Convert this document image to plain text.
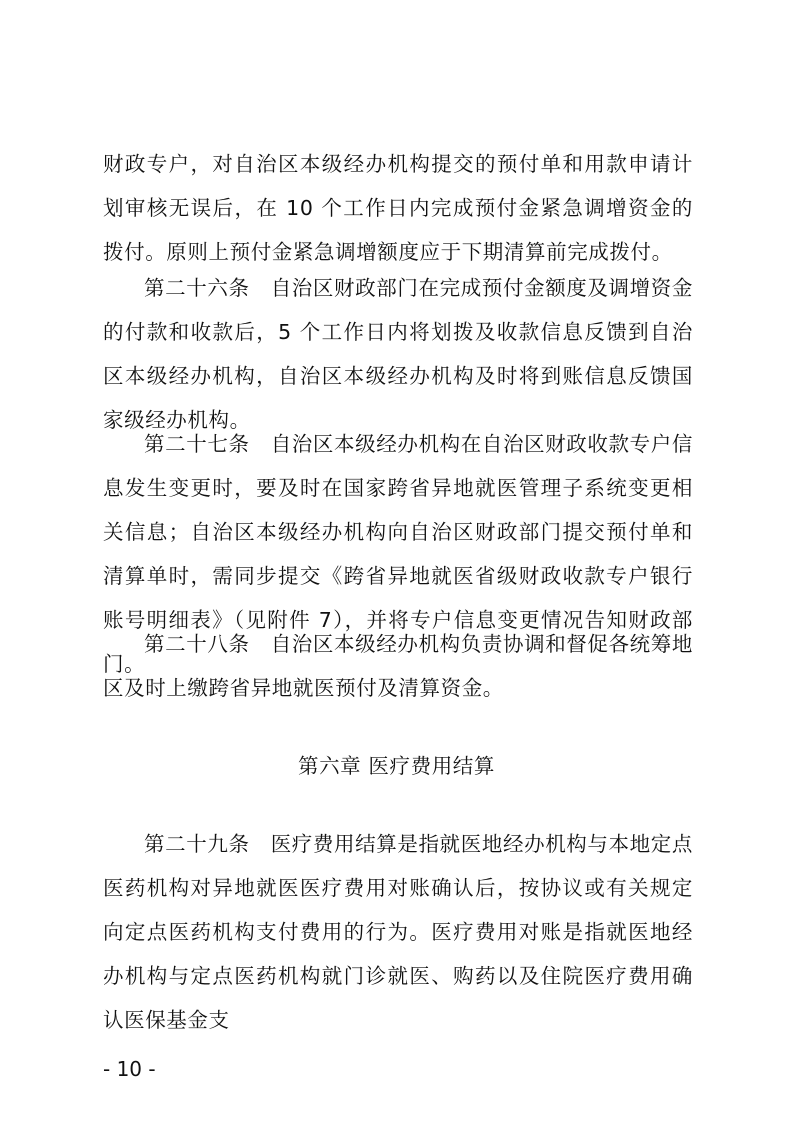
财政专户，对自治区本级经办机构提交的预付单和用款申请计划审核无误后，在 10 个工作日内完成预付金紧急调增资金的拨付。原则上预付金紧急调增额度应于下期清算前完成拨付。

第二十六条　自治区财政部门在完成预付金额度及调增资金的付款和收款后，5 个工作日内将划拨及收款信息反馈到自治区本级经办机构，自治区本级经办机构及时将到账信息反馈国家级经办机构。

第二十七条　自治区本级经办机构在自治区财政收款专户信息发生变更时，要及时在国家跨省异地就医管理子系统变更相关信息；自治区本级经办机构向自治区财政部门提交预付单和清算单时，需同步提交《跨省异地就医省级财政收款专户银行账号明细表》（见附件 7），并将专户信息变更情况告知财政部门。

第二十八条　自治区本级经办机构负责协调和督促各统筹地区及时上缴跨省异地就医预付及清算资金。

第六章 医疗费用结算

第二十九条　医疗费用结算是指就医地经办机构与本地定点医药机构对异地就医医疗费用对账确认后，按协议或有关规定向定点医药机构支付费用的行为。医疗费用对账是指就医地经办机构与定点医药机构就门诊就医、购药以及住院医疗费用确认医保基金支

- 10 -
